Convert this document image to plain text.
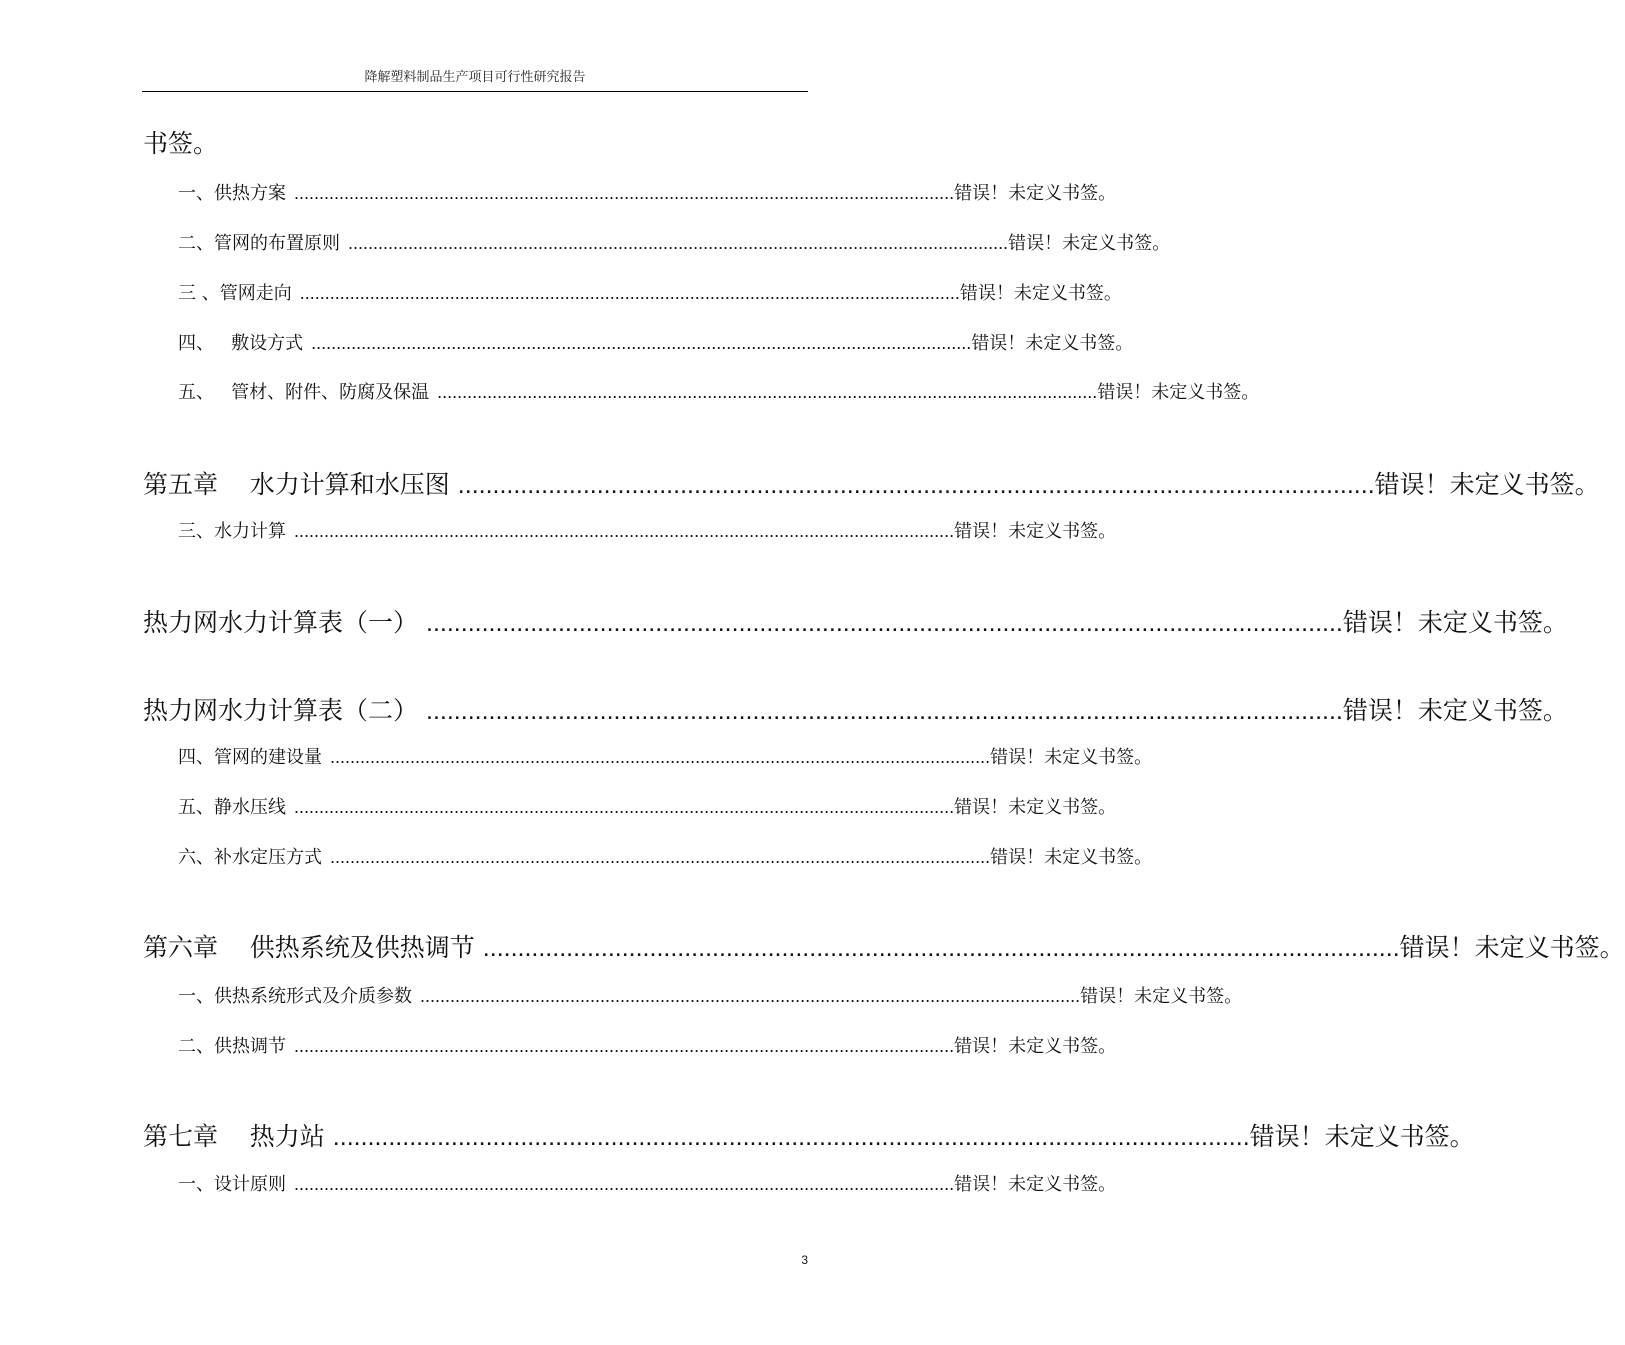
降解塑料制品生产项目可行性研究报告
书签。
一、供热方案 .................................................................................................................................... 错误！未定义书签。
二、管网的布置原则 .................................................................................................................................... 错误！未定义书签。
三 、管网走向 .................................................................................................................................... 错误！未定义书签。
四、   敷设方式 .................................................................................................................................... 错误！未定义书签。
五、   管材、附件、防腐及保温 .................................................................................................................................... 错误！未定义书签。
第五章    水力计算和水压图 .................................................................................................................................... 错误！未定义书签。
三、水力计算 .................................................................................................................................... 错误！未定义书签。
热力网水力计算表（一） .................................................................................................................................... 错误！未定义书签。
热力网水力计算表（二） .................................................................................................................................... 错误！未定义书签。
四、管网的建设量 .................................................................................................................................... 错误！未定义书签。
五、静水压线 .................................................................................................................................... 错误！未定义书签。
六、补水定压方式 .................................................................................................................................... 错误！未定义书签。
第六章    供热系统及供热调节 .................................................................................................................................... 错误！未定义书签。
一、供热系统形式及介质参数 .................................................................................................................................... 错误！未定义书签。
二、供热调节 .................................................................................................................................... 错误！未定义书签。
第七章    热力站 .................................................................................................................................... 错误！未定义书签。
一、设计原则 .................................................................................................................................... 错误！未定义书签。
3
